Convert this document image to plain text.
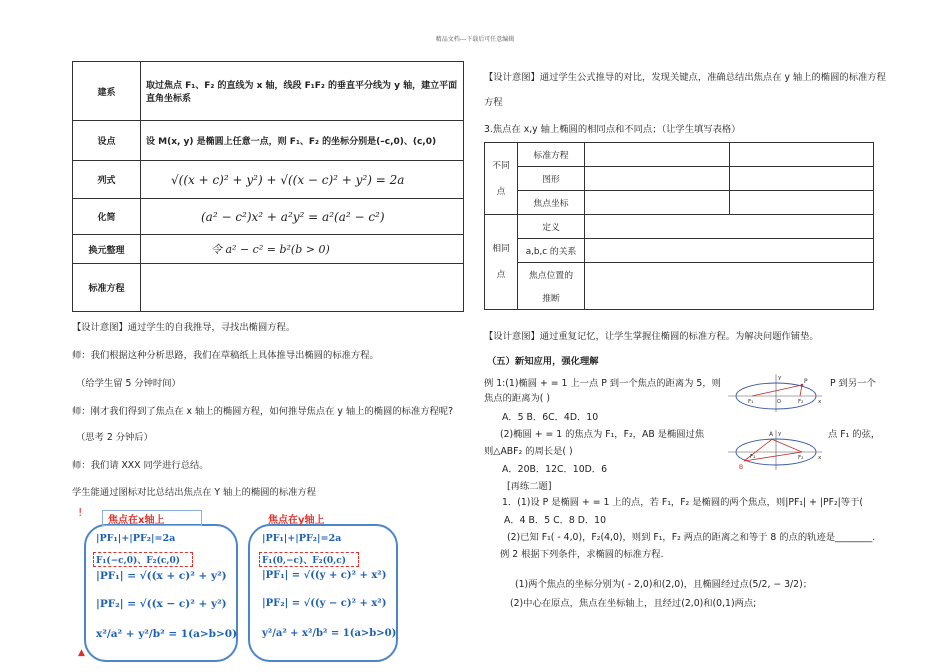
精品文档---下载后可任意编辑
建系	取过焦点 F₁、F₂ 的直线为 x 轴，线段 F₁F₂ 的垂直平分线为 y 轴，建立平面直角坐标系
设点	设 M(x, y) 是椭圆上任意一点，则 F₁、F₂ 的坐标分别是(–c,0)、(c,0)
列式	√((x + c)² + y²) + √((x − c)² + y²) = 2a
化简	(a² − c²)x² + a²y² = a²(a² − c²)
换元整理	令 a² − c² = b²(b > 0)
标准方程	
【设计意图】通过学生的自我推导，寻找出椭圆方程。
师：我们根据这种分析思路，我们在草稿纸上具体推导出椭圆的标准方程。
（给学生留 5 分钟时间）
师：刚才我们得到了焦点在 x 轴上的椭圆方程，如何推导焦点在 y 轴上的椭圆的标准方程呢?
（思考 2 分钟后）
师：我们请 XXX 同学进行总结。
学生能通过图标对比总结出焦点在 Y 轴上的椭圆的标准方程
!
▲
焦点在x轴上	焦点在y轴上
|PF₁|+|PF₂|=2a
F₁(−c,0)、F₂(c,0)
|PF₁| = √((x + c)² + y²)
|PF₂| = √((x − c)² + y²)
x²/a² + y²/b² = 1(a>b>0)
|PF₁|+|PF₂|=2a
F₁(0,−c)、F₂(0,c)
|PF₁| = √((y + c)² + x²)
|PF₂| = √((y − c)² + x²)
y²/a² + x²/b² = 1(a>b>0)
【设计意图】通过学生公式推导的对比，发现关键点，准确总结出焦点在 y 轴上的椭圆的标准方程
方程
3.焦点在 x,y 轴上椭圆的相同点和不同点；（让学生填写表格）
不同
点	标准方程		
	图形		
	焦点坐标		
相同
点	定义		
	a,b,c 的关系		
	焦点位置的		
	推断		
【设计意图】通过重复记忆，让学生掌握住椭圆的标准方程。为解决问题作铺垫。
（五）新知应用，强化理解
例 1:(1)椭圆 + = 1 上一点 P 到一个焦点的距离为 5，则	P 到另一个
焦点的距离为( )
A．5 B．6C．4D．10
(2)椭圆 + = 1 的焦点为 F₁，F₂，AB 是椭圆过焦	点 F₁ 的弦，
则△ABF₂ 的周长是( )
A．20B．12C．10D．6
[再练二题]
1．(1)设 P 是椭圆 + = 1 上的点，若 F₁，F₂ 是椭圆的两个焦点，则|PF₁| + |PF₂|等于(
A．4 B．5 C．8 D．10
(2)已知 F₁( - 4,0)，F₂(4,0)，则到 F₁，F₂ 两点的距离之和等于 8 的点的轨迹是________.
例 2 根据下列条件，求椭圆的标准方程.
(1)两个焦点的坐标分别为( - 2,0)和(2,0)，且椭圆经过点(5/2, − 3/2)；
(2)中心在原点，焦点在坐标轴上，且经过(2,0)和(0,1)两点;
P
F₁	F₂
O	x
y
A
B
F₁	F₂	x
y
